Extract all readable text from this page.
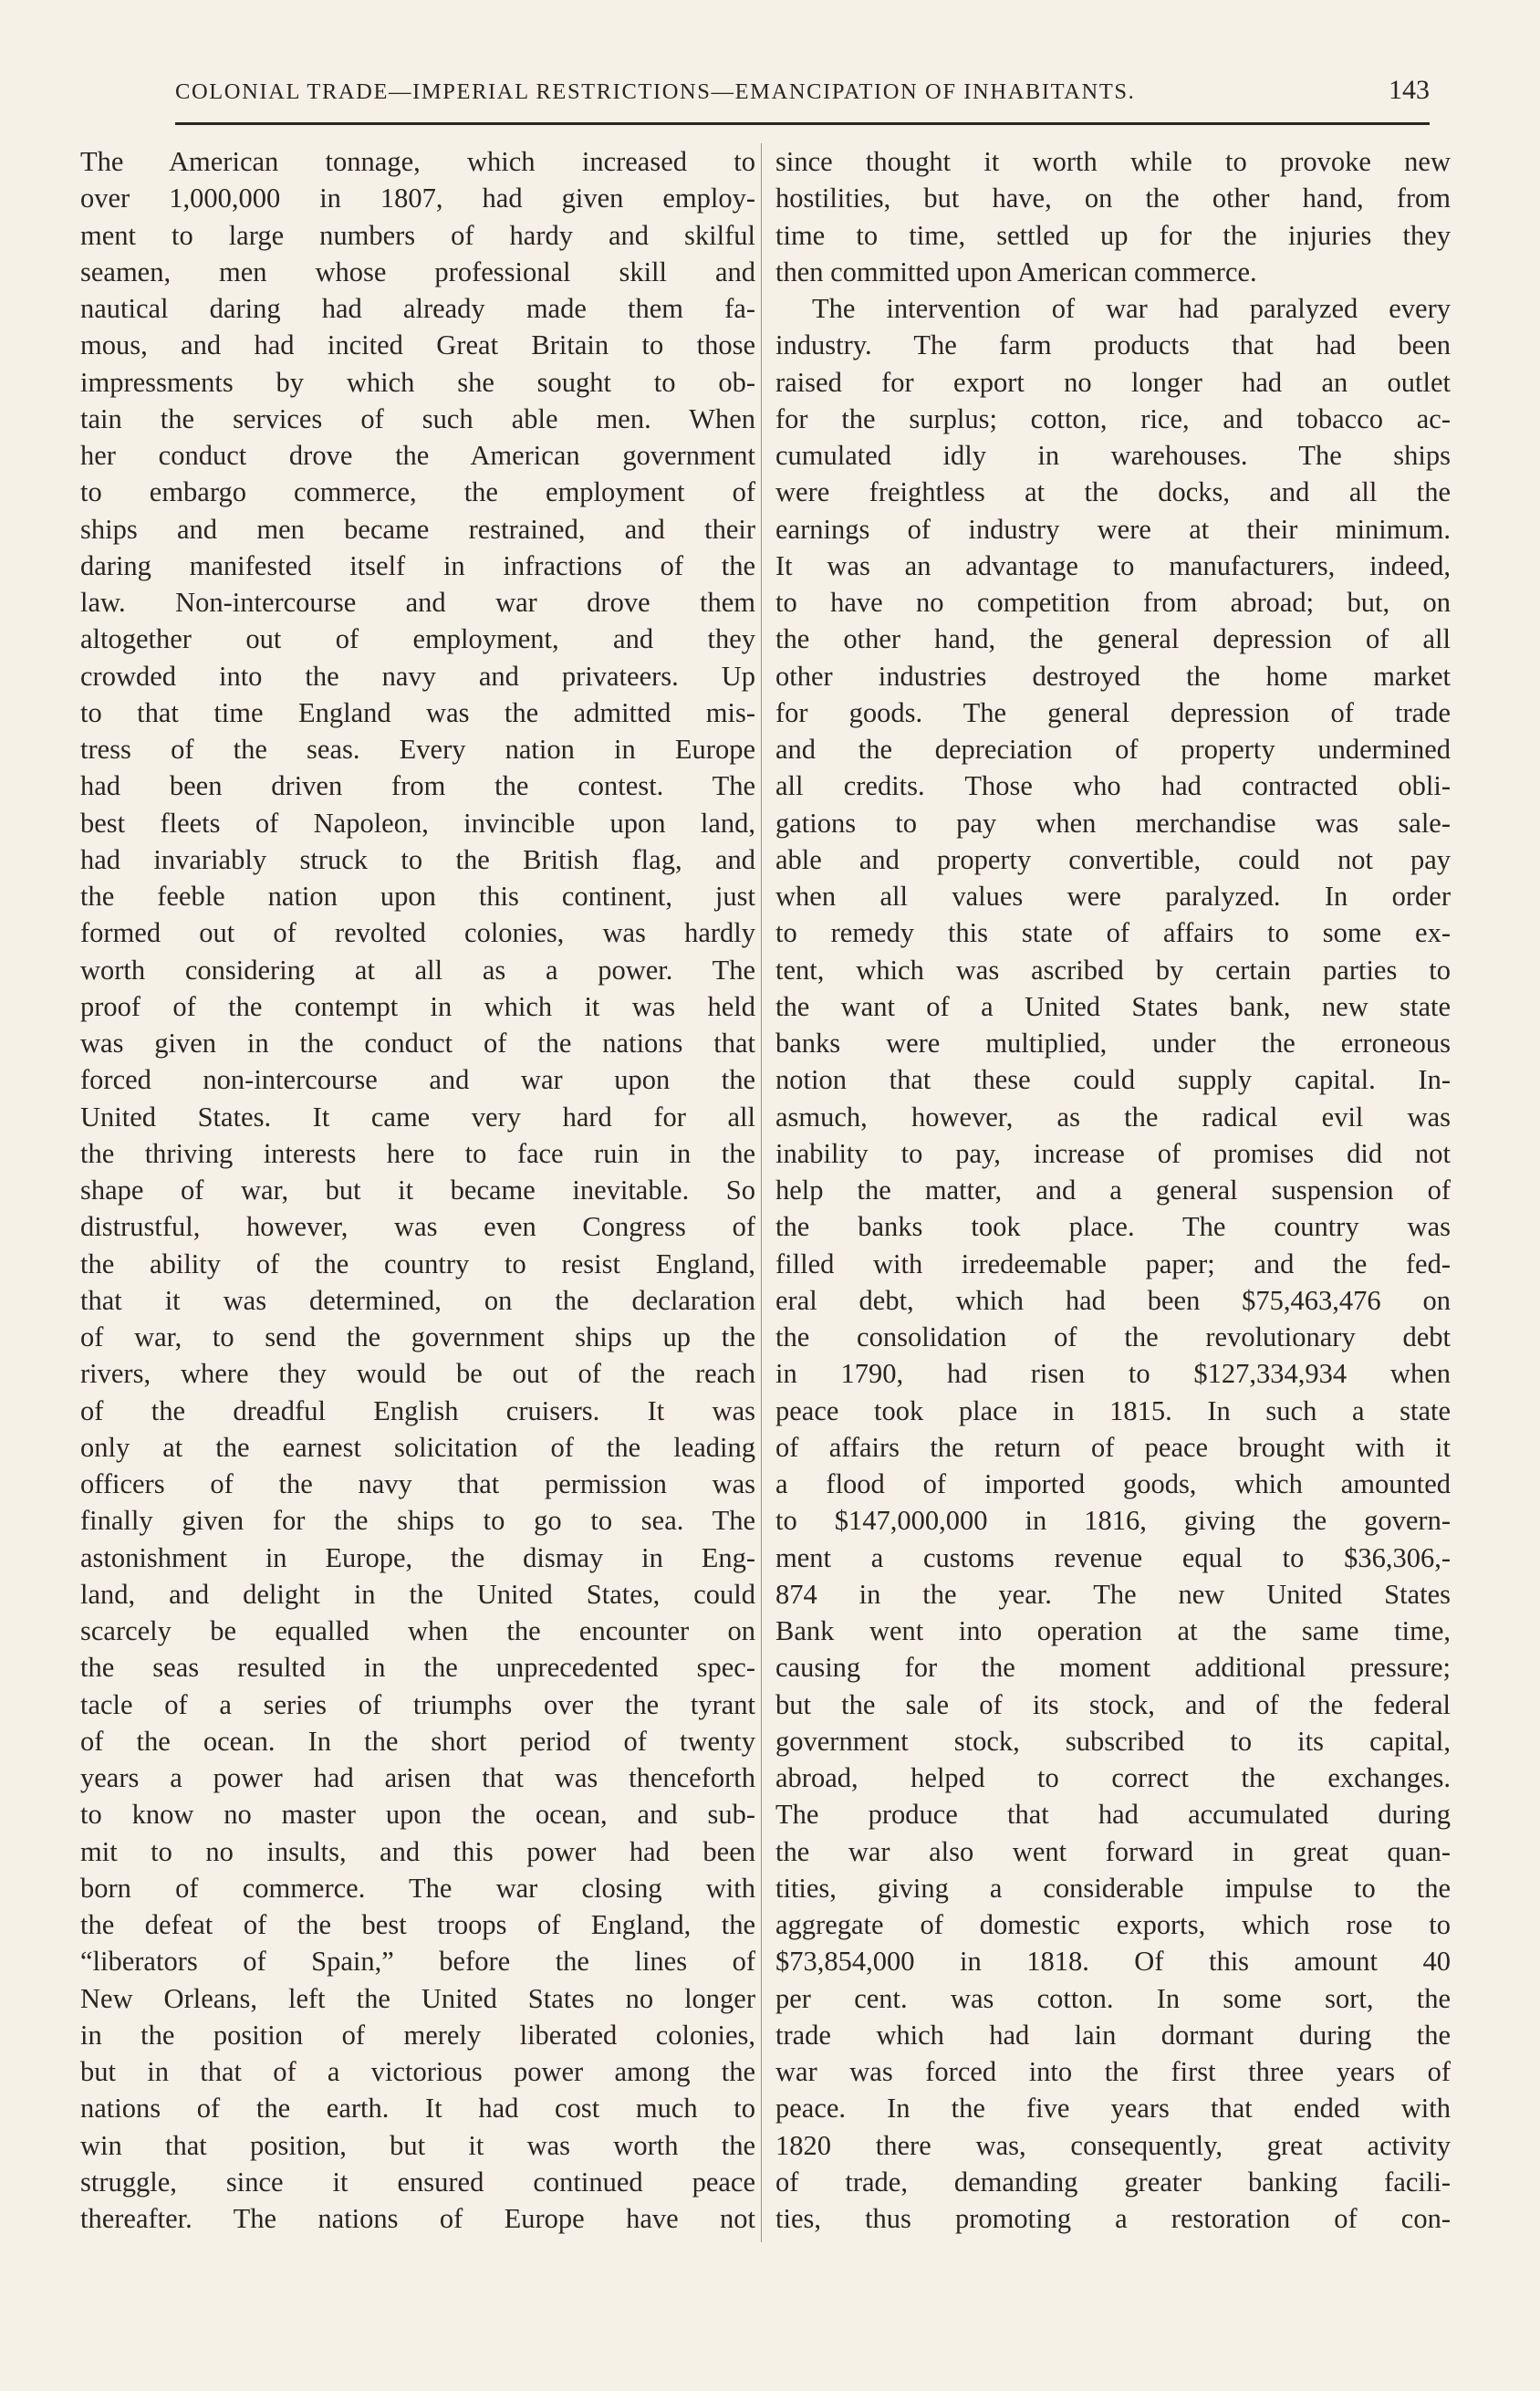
COLONIAL TRADE—IMPERIAL RESTRICTIONS—EMANCIPATION OF INHABITANTS.	143
The American tonnage, which increased to
over 1,000,000 in 1807, had given employ-
ment to large numbers of hardy and skilful
seamen, men whose professional skill and
nautical daring had already made them fa-
mous, and had incited Great Britain to those
impressments by which she sought to ob-
tain the services of such able men. When
her conduct drove the American government
to embargo commerce, the employment of
ships and men became restrained, and their
daring manifested itself in infractions of the
law. Non-intercourse and war drove them
altogether out of employment, and they
crowded into the navy and privateers. Up
to that time England was the admitted mis-
tress of the seas. Every nation in Europe
had been driven from the contest. The
best fleets of Napoleon, invincible upon land,
had invariably struck to the British flag, and
the feeble nation upon this continent, just
formed out of revolted colonies, was hardly
worth considering at all as a power. The
proof of the contempt in which it was held
was given in the conduct of the nations that
forced non-intercourse and war upon the
United States. It came very hard for all
the thriving interests here to face ruin in the
shape of war, but it became inevitable. So
distrustful, however, was even Congress of
the ability of the country to resist England,
that it was determined, on the declaration
of war, to send the government ships up the
rivers, where they would be out of the reach
of the dreadful English cruisers. It was
only at the earnest solicitation of the leading
officers of the navy that permission was
finally given for the ships to go to sea. The
astonishment in Europe, the dismay in Eng-
land, and delight in the United States, could
scarcely be equalled when the encounter on
the seas resulted in the unprecedented spec-
tacle of a series of triumphs over the tyrant
of the ocean. In the short period of twenty
years a power had arisen that was thenceforth
to know no master upon the ocean, and sub-
mit to no insults, and this power had been
born of commerce. The war closing with
the defeat of the best troops of England, the
“liberators of Spain,” before the lines of
New Orleans, left the United States no longer
in the position of merely liberated colonies,
but in that of a victorious power among the
nations of the earth. It had cost much to
win that position, but it was worth the
struggle, since it ensured continued peace
thereafter. The nations of Europe have not
since thought it worth while to provoke new
hostilities, but have, on the other hand, from
time to time, settled up for the injuries they
then committed upon American commerce.
The intervention of war had paralyzed every
industry. The farm products that had been
raised for export no longer had an outlet
for the surplus; cotton, rice, and tobacco ac-
cumulated idly in warehouses. The ships
were freightless at the docks, and all the
earnings of industry were at their minimum.
It was an advantage to manufacturers, indeed,
to have no competition from abroad; but, on
the other hand, the general depression of all
other industries destroyed the home market
for goods. The general depression of trade
and the depreciation of property undermined
all credits. Those who had contracted obli-
gations to pay when merchandise was sale-
able and property convertible, could not pay
when all values were paralyzed. In order
to remedy this state of affairs to some ex-
tent, which was ascribed by certain parties to
the want of a United States bank, new state
banks were multiplied, under the erroneous
notion that these could supply capital. In-
asmuch, however, as the radical evil was
inability to pay, increase of promises did not
help the matter, and a general suspension of
the banks took place. The country was
filled with irredeemable paper; and the fed-
eral debt, which had been $75,463,476 on
the consolidation of the revolutionary debt
in 1790, had risen to $127,334,934 when
peace took place in 1815. In such a state
of affairs the return of peace brought with it
a flood of imported goods, which amounted
to $147,000,000 in 1816, giving the govern-
ment a customs revenue equal to $36,306,-
874 in the year. The new United States
Bank went into operation at the same time,
causing for the moment additional pressure;
but the sale of its stock, and of the federal
government stock, subscribed to its capital,
abroad, helped to correct the exchanges.
The produce that had accumulated during
the war also went forward in great quan-
tities, giving a considerable impulse to the
aggregate of domestic exports, which rose to
$73,854,000 in 1818. Of this amount 40
per cent. was cotton. In some sort, the
trade which had lain dormant during the
war was forced into the first three years of
peace. In the five years that ended with
1820 there was, consequently, great activity
of trade, demanding greater banking facili-
ties, thus promoting a restoration of con-
